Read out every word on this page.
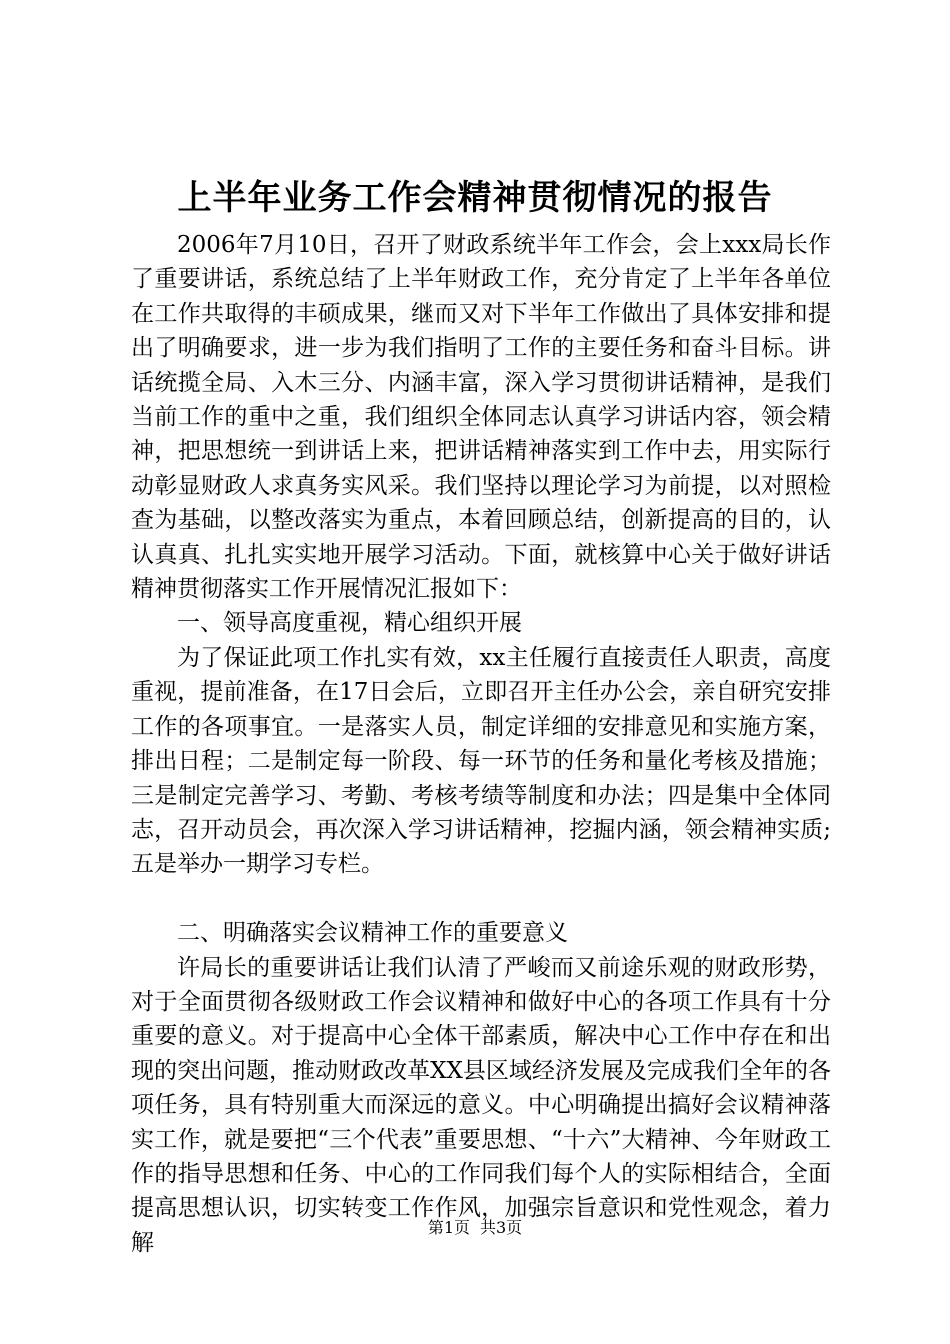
上半年业务工作会精神贯彻情况的报告

2006年7月10日，召开了财政系统半年工作会，会上xxx局长作了重要讲话，系统总结了上半年财政工作，充分肯定了上半年各单位在工作共取得的丰硕成果，继而又对下半年工作做出了具体安排和提出了明确要求，进一步为我们指明了工作的主要任务和奋斗目标。讲话统揽全局、入木三分、内涵丰富，深入学习贯彻讲话精神，是我们当前工作的重中之重，我们组织全体同志认真学习讲话内容，领会精神，把思想统一到讲话上来，把讲话精神落实到工作中去，用实际行动彰显财政人求真务实风采。我们坚持以理论学习为前提，以对照检查为基础，以整改落实为重点，本着回顾总结，创新提高的目的，认认真真、扎扎实实地开展学习活动。下面，就核算中心关于做好讲话精神贯彻落实工作开展情况汇报如下：

一、领导高度重视，精心组织开展

为了保证此项工作扎实有效，xx主任履行直接责任人职责，高度重视，提前准备，在17日会后，立即召开主任办公会，亲自研究安排工作的各项事宜。一是落实人员，制定详细的安排意见和实施方案，排出日程；二是制定每一阶段、每一环节的任务和量化考核及措施；三是制定完善学习、考勤、考核考绩等制度和办法；四是集中全体同志，召开动员会，再次深入学习讲话精神，挖掘内涵，领会精神实质;五是举办一期学习专栏。

二、明确落实会议精神工作的重要意义

许局长的重要讲话让我们认清了严峻而又前途乐观的财政形势，对于全面贯彻各级财政工作会议精神和做好中心的各项工作具有十分重要的意义。对于提高中心全体干部素质，解决中心工作中存在和出现的突出问题，推动财政改革XX县区域经济发展及完成我们全年的各项任务，具有特别重大而深远的意义。中心明确提出搞好会议精神落实工作，就是要把“三个代表”重要思想、“十六”大精神、今年财政工作的指导思想和任务、中心的工作同我们每个人的实际相结合，全面提高思想认识，切实转变工作作风，加强宗旨意识和党性观念，着力解

第1页 共3页
